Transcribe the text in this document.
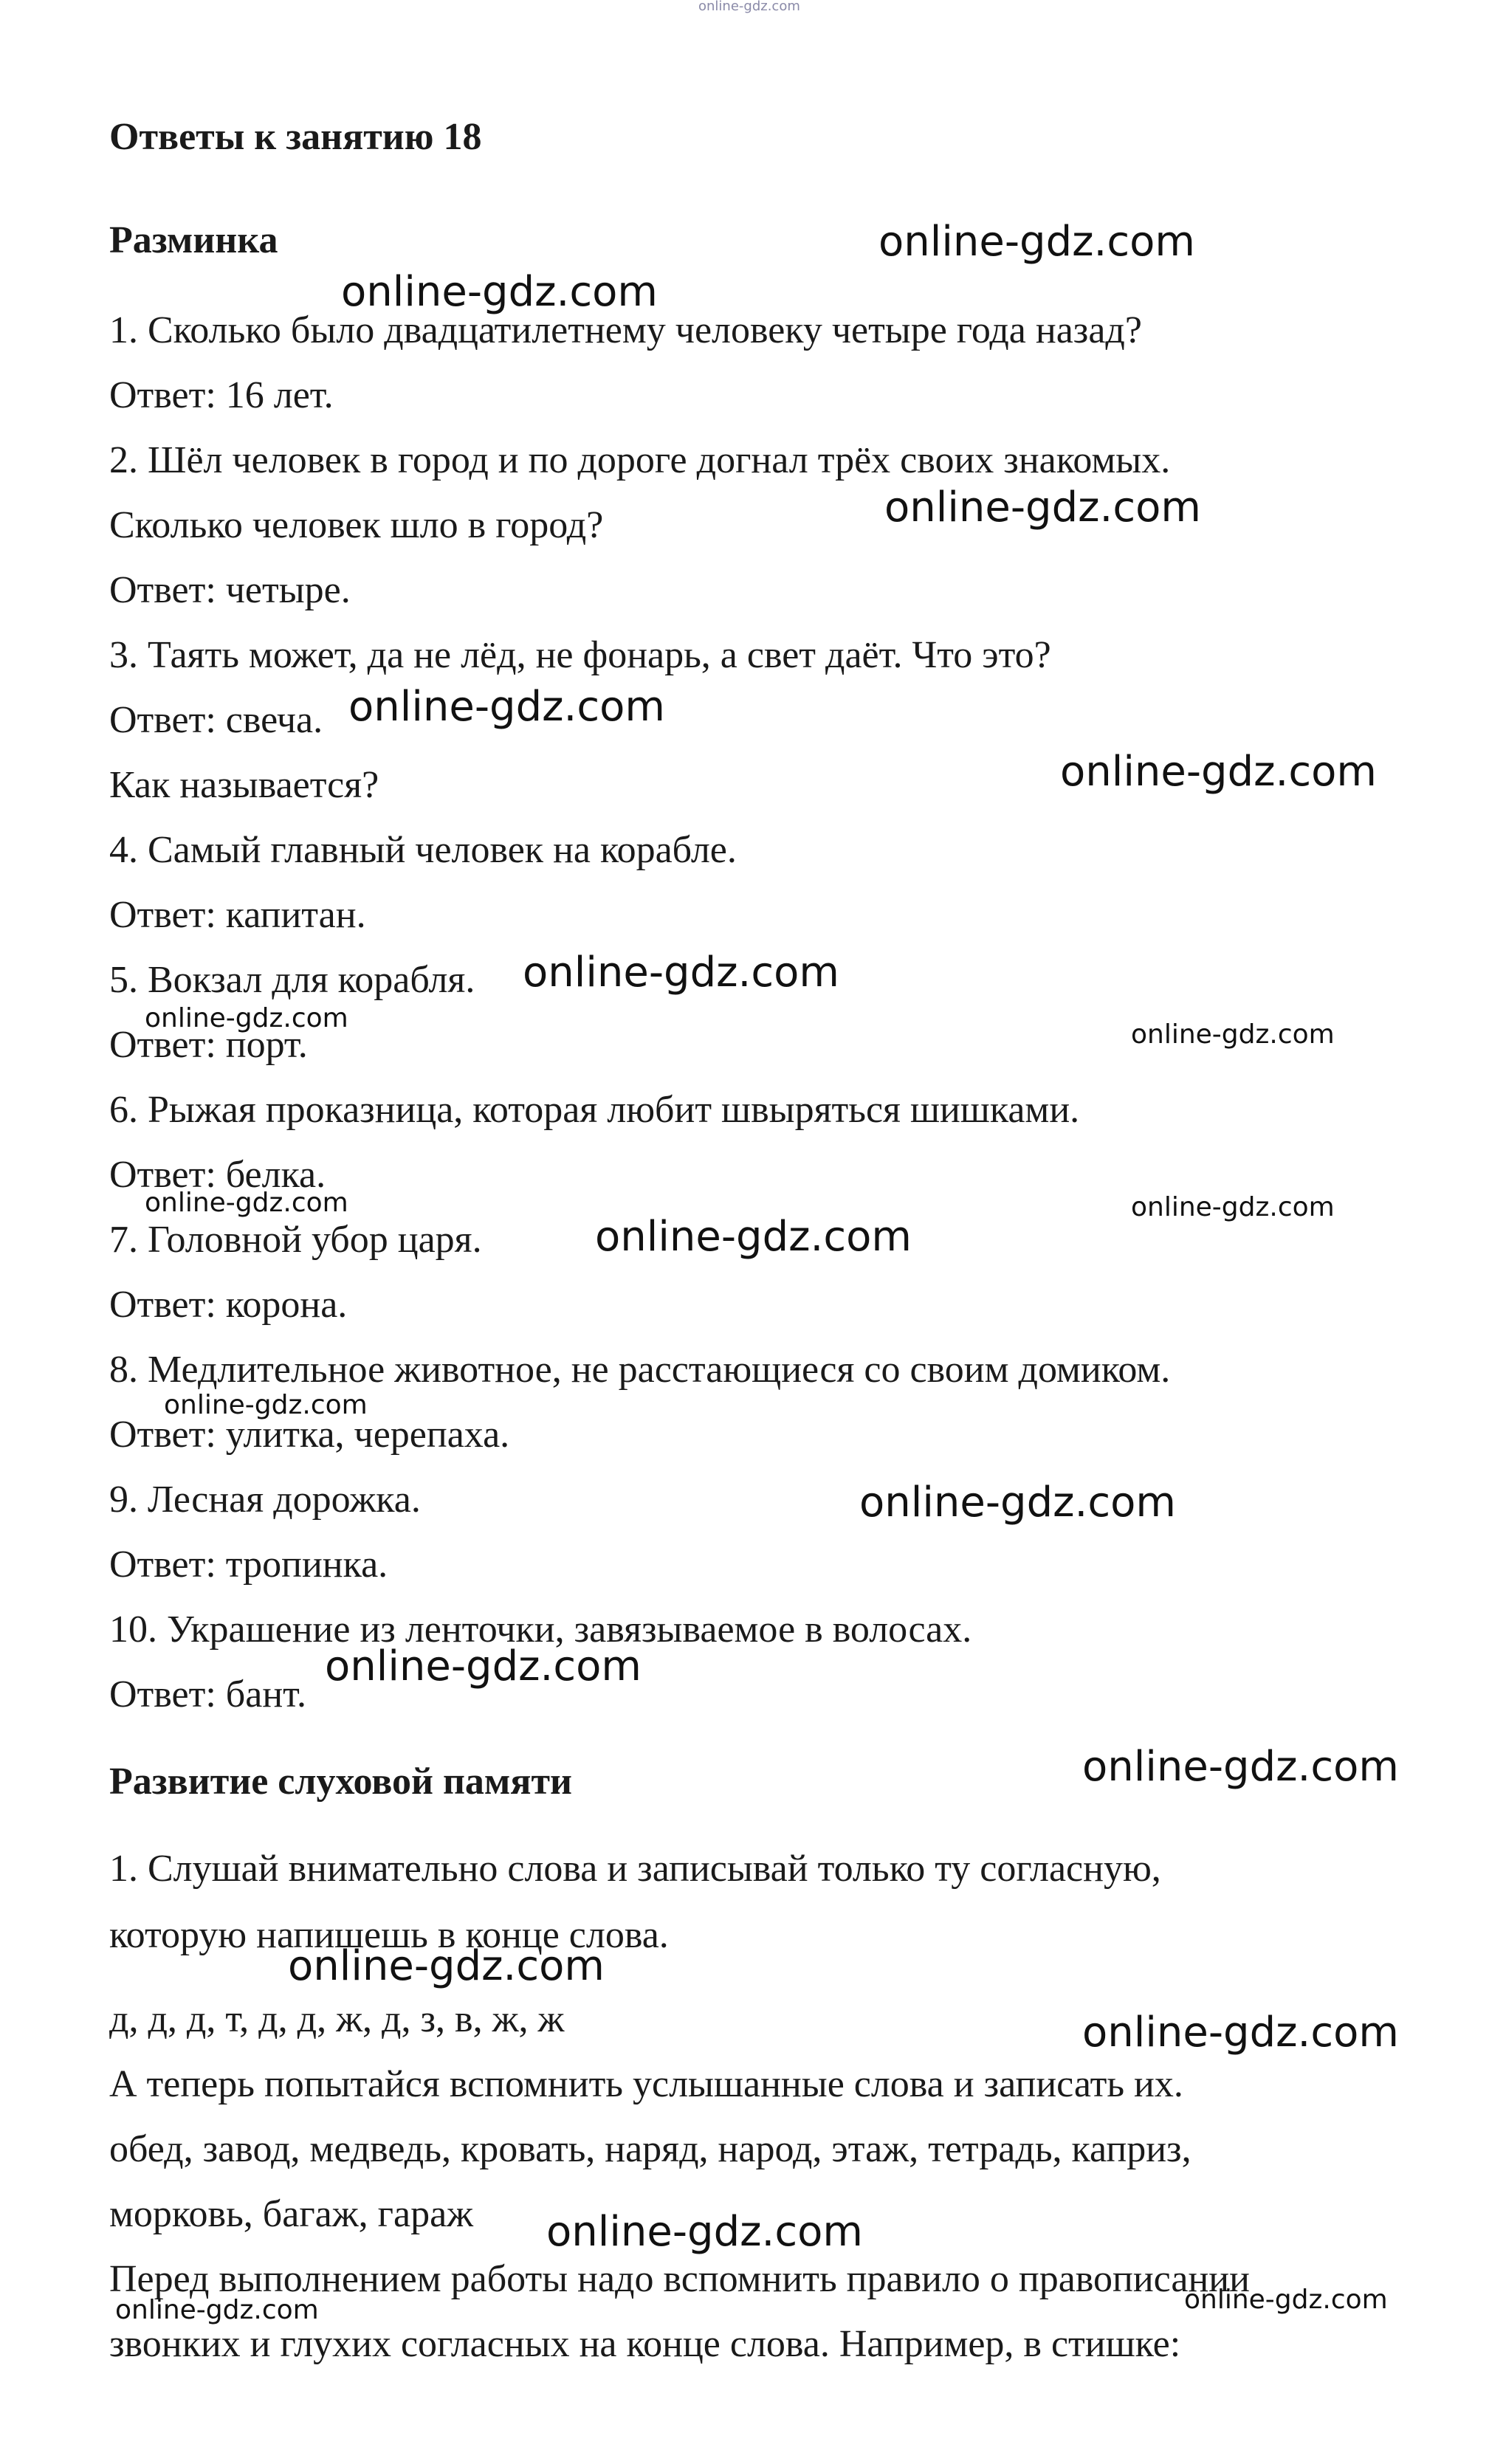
online-gdz.com

Ответы к занятию 18

Разминка

1. Сколько было двадцатилетнему человеку четыре года назад?

Ответ: 16 лет.

2. Шёл человек в город и по дороге догнал трёх своих знакомых.

Сколько человек шло в город?

Ответ: четыре.

3. Таять может, да не лёд, не фонарь, а свет даёт. Что это?

Ответ: свеча.

Как называется?

4. Самый главный человек на корабле.

Ответ: капитан.

5. Вокзал для корабля.

Ответ: порт.

6. Рыжая проказница, которая любит швыряться шишками.

Ответ: белка.

7. Головной убор царя.

Ответ: корона.

8. Медлительное животное, не расстающиеся со своим домиком.

Ответ: улитка, черепаха.

9. Лесная дорожка.

Ответ: тропинка.

10. Украшение из ленточки, завязываемое в волосах.

Ответ: бант.

Развитие слуховой памяти

1. Слушай внимательно слова и записывай только ту согласную,

которую напишешь в конце слова.

д, д, д, т, д, д, ж, д, з, в, ж, ж

А теперь попытайся вспомнить услышанные слова и записать их.

обед, завод, медведь, кровать, наряд, народ, этаж, тетрадь, каприз,

морковь, багаж, гараж

Перед выполнением работы надо вспомнить правило о правописании

звонких и глухих согласных на конце слова. Например, в стишке:

online-gdz.com

online-gdz.com

online-gdz.com

online-gdz.com

online-gdz.com

online-gdz.com

online-gdz.com

online-gdz.com

online-gdz.com	online-gdz.com

online-gdz.com

online-gdz.com

online-gdz.com

online-gdz.com

online-gdz.com

online-gdz.com

online-gdz.com

online-gdz.com

online-gdz.com	online-gdz.com
